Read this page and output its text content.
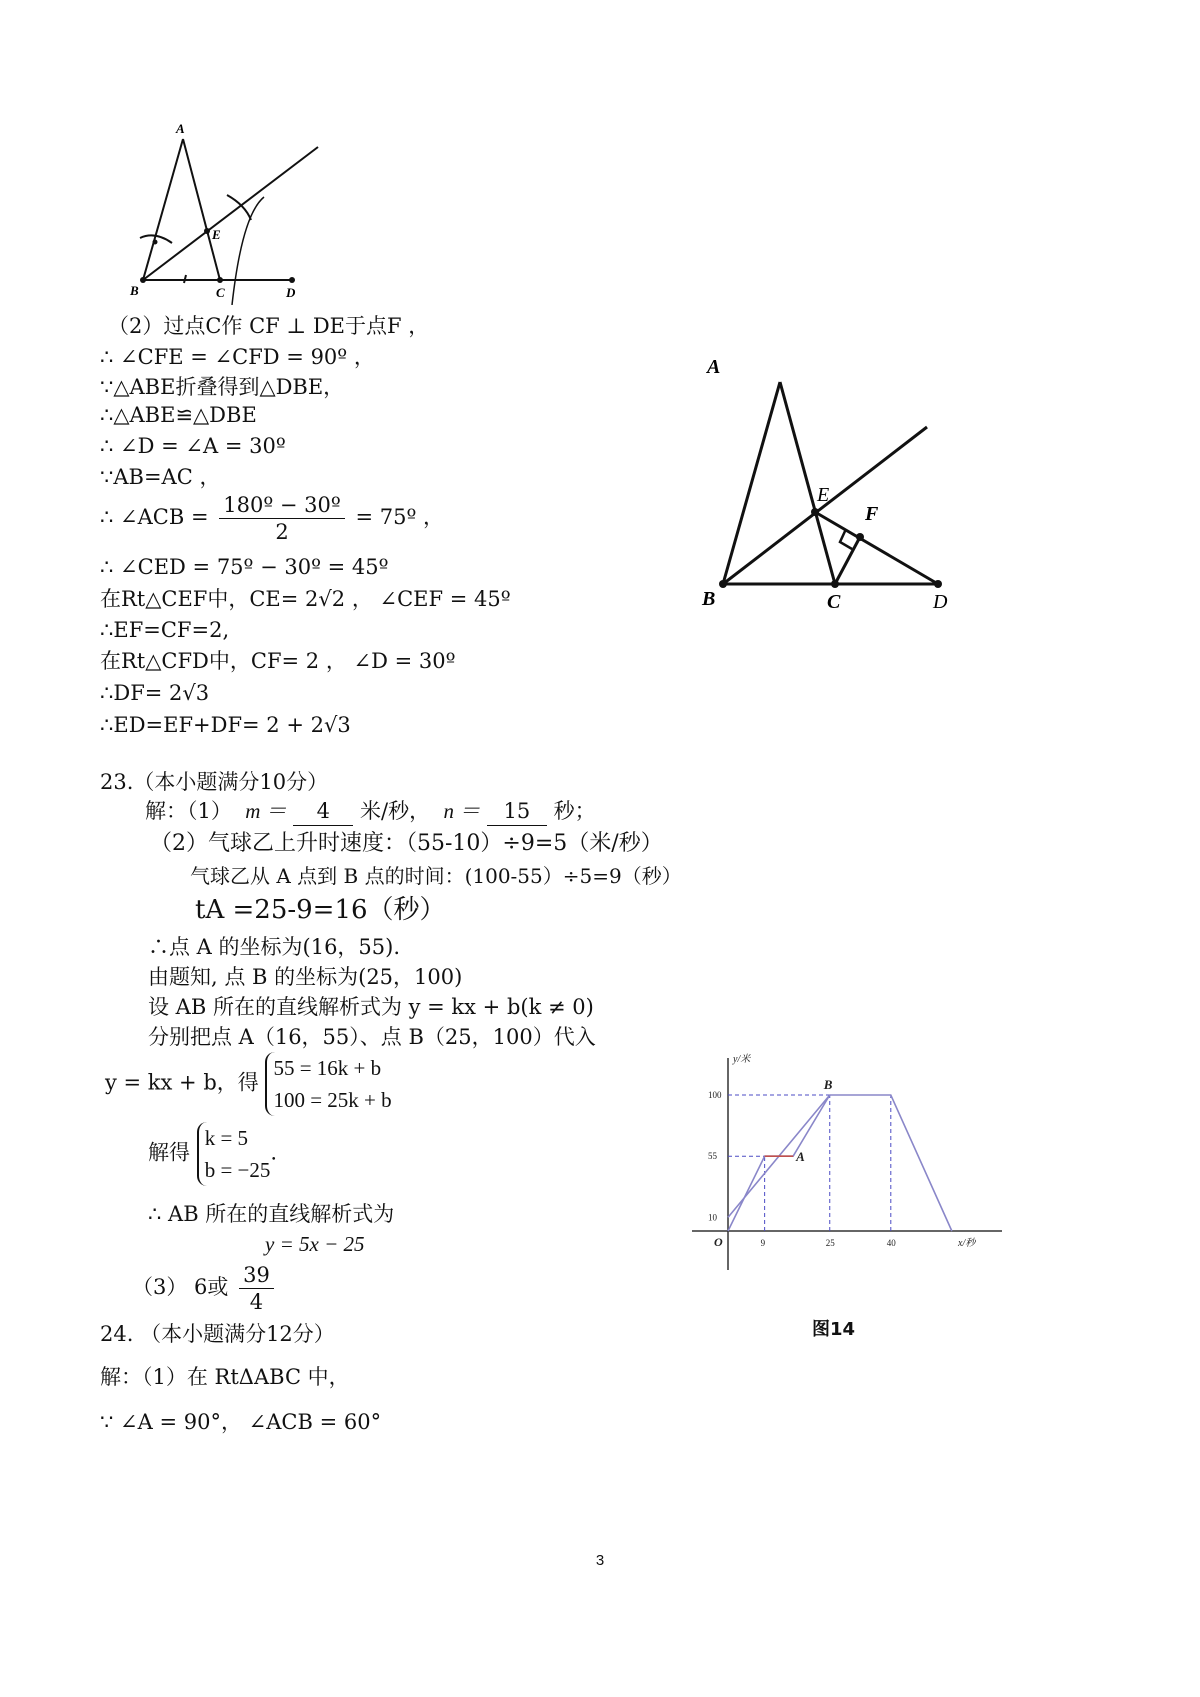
A
B	C	D
E
A
B	C	D
E
F
（2）过点C作 CF ⊥ DE于点F ，
∴ ∠CFE = ∠CFD = 90º ，
∵△ABE折叠得到△DBE，
∴△ABE≌△DBE
∴ ∠D = ∠A = 30º
∵AB=AC ，
∴ ∠ACB = $\frac{\text{180º − 30º}}{2}$ = 75º ，
∴ ∠CED = 75º − 30º = 45º
在Rt△CEF中，CE= 2√2 ， ∠CEF = 45º
∴EF=CF=2,
在Rt△CFD中，CF= 2 ， ∠D = 30º
∴DF= 2√3
∴ED=EF+DF= 2 + 2√3
23.（本小题满分10分）
解：（1） m ＝ 4 米/秒， n ＝ 15 秒；
（2）气球乙上升时速度：（55-10）÷9=5（米/秒）
气球乙从 A 点到 B 点的时间：(100-55）÷5=9（秒）
tA =25-9=16（秒）
∴点 A 的坐标为(16，55).
由题知, 点 B 的坐标为(25，100)
设 AB 所在的直线解析式为 y = kx + b(k ≠ 0)
分别把点 A（16，55）、点 B（25，100）代入
y = kx + b，得
55 = 16k + b
100 = 25k + b
解得
k = 5
b = −25
.
∴ AB 所在的直线解析式为
y = 5x − 25
（3） 6或 $\frac{39}{4}$
24. （本小题满分12分）
解：（1）在 RtΔABC 中，
∵ ∠A = 90°， ∠ACB = 60°
9	25	40
10
55
100
O	x/秒
y/米
B
A
图14
3
